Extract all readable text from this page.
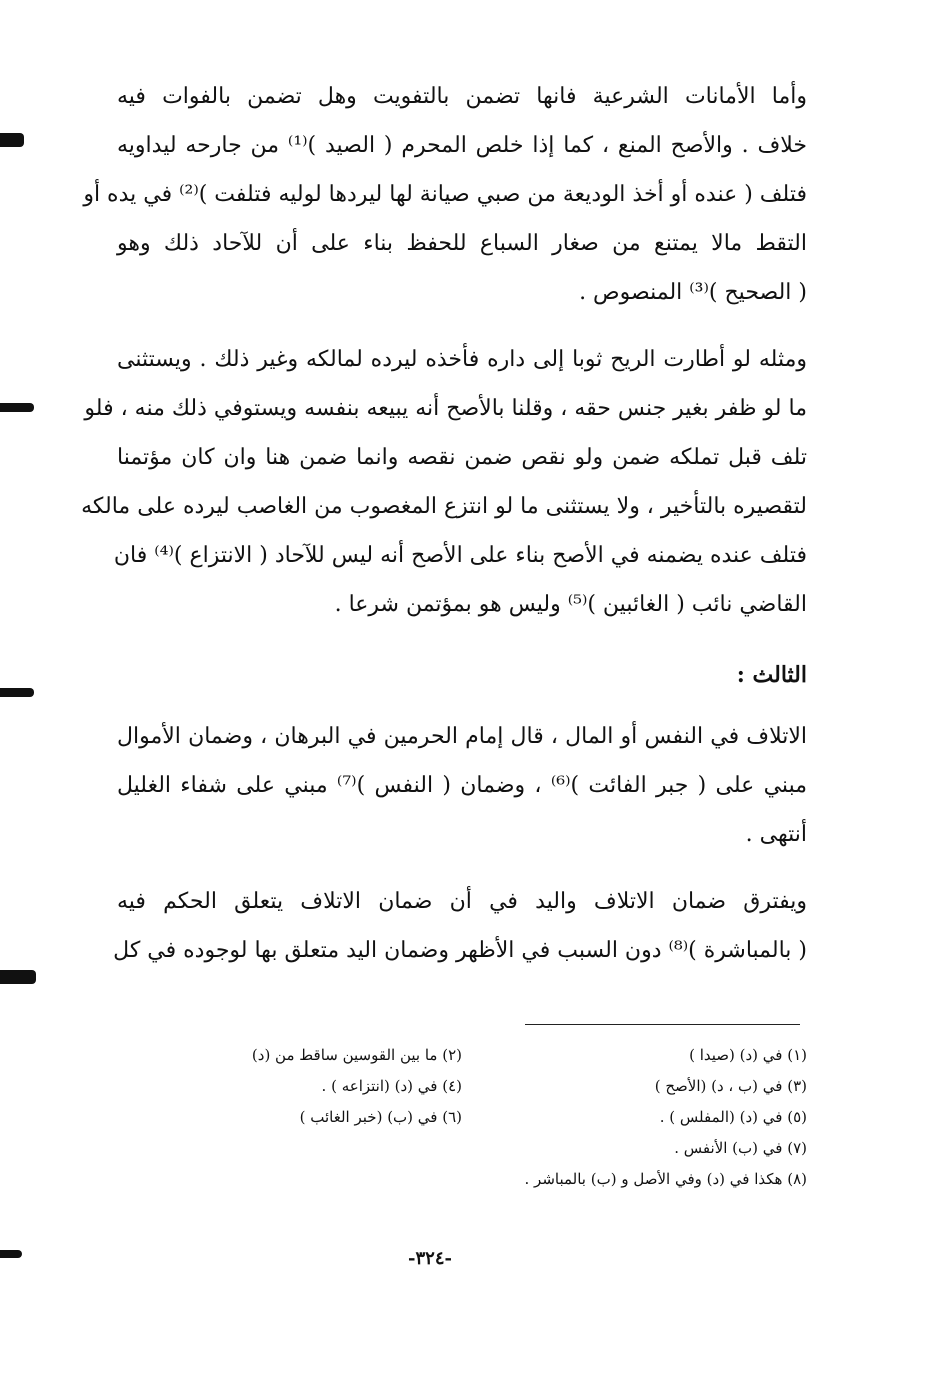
وأما الأمانات الشرعية فانها تضمن بالتفويت وهل تضمن بالفوات فيه
خلاف . والأصح المنع ، كما إذا خلص المحرم ( الصيد )⁽¹⁾ من جارحه ليداويه
فتلف ( عنده أو أخذ الوديعة من صبي صيانة لها ليردها لوليه فتلفت )⁽²⁾ في يده أو
التقط مالا يمتنع من صغار السباع للحفظ بناء على أن للآحاد ذلك وهو
( الصحيح )⁽³⁾ المنصوص .

ومثله لو أطارت الريح ثوبا إلى داره فأخذه ليرده لمالكه وغير ذلك . ويستثنى
ما لو ظفر بغير جنس حقه ، وقلنا بالأصح أنه يبيعه بنفسه ويستوفي ذلك منه ، فلو
تلف قبل تملكه ضمن ولو نقص ضمن نقصه وانما ضمن هنا وان كان مؤتمنا
لتقصيره بالتأخير ، ولا يستثنى ما لو انتزع المغصوب من الغاصب ليرده على مالكه
فتلف عنده يضمنه في الأصح بناء على الأصح أنه ليس للآحاد ( الانتزاع )⁽⁴⁾ فان
القاضي نائب ( الغائبين )⁽⁵⁾ وليس هو بمؤتمن شرعا .

الثالث :

الاتلاف في النفس أو المال ، قال إمام الحرمين في البرهان ، وضمان الأموال
مبني على ( جبر الفائت )⁽⁶⁾ ، وضمان ( النفس )⁽⁷⁾ مبني على شفاء الغليل
أنتهى .

ويفترق ضمان الاتلاف واليد في أن ضمان الاتلاف يتعلق الحكم فيه
( بالمباشرة )⁽⁸⁾ دون السبب في الأظهر وضمان اليد متعلق بها لوجوده في كل

(١) في (د) (صيدا )
(٢) ما بين القوسين ساقط من (د)
(٣) في (ب ، د) (الأصح )
(٤) في (د) (انتزاعه ) .
(٥) في (د) (المفلس ) .
(٦) في (ب) (خبر الغائب )
(٧) في (ب) الأنفس .
(٨) هكذا في (د) وفي الأصل و (ب) بالمباشر .
-٣٢٤-
